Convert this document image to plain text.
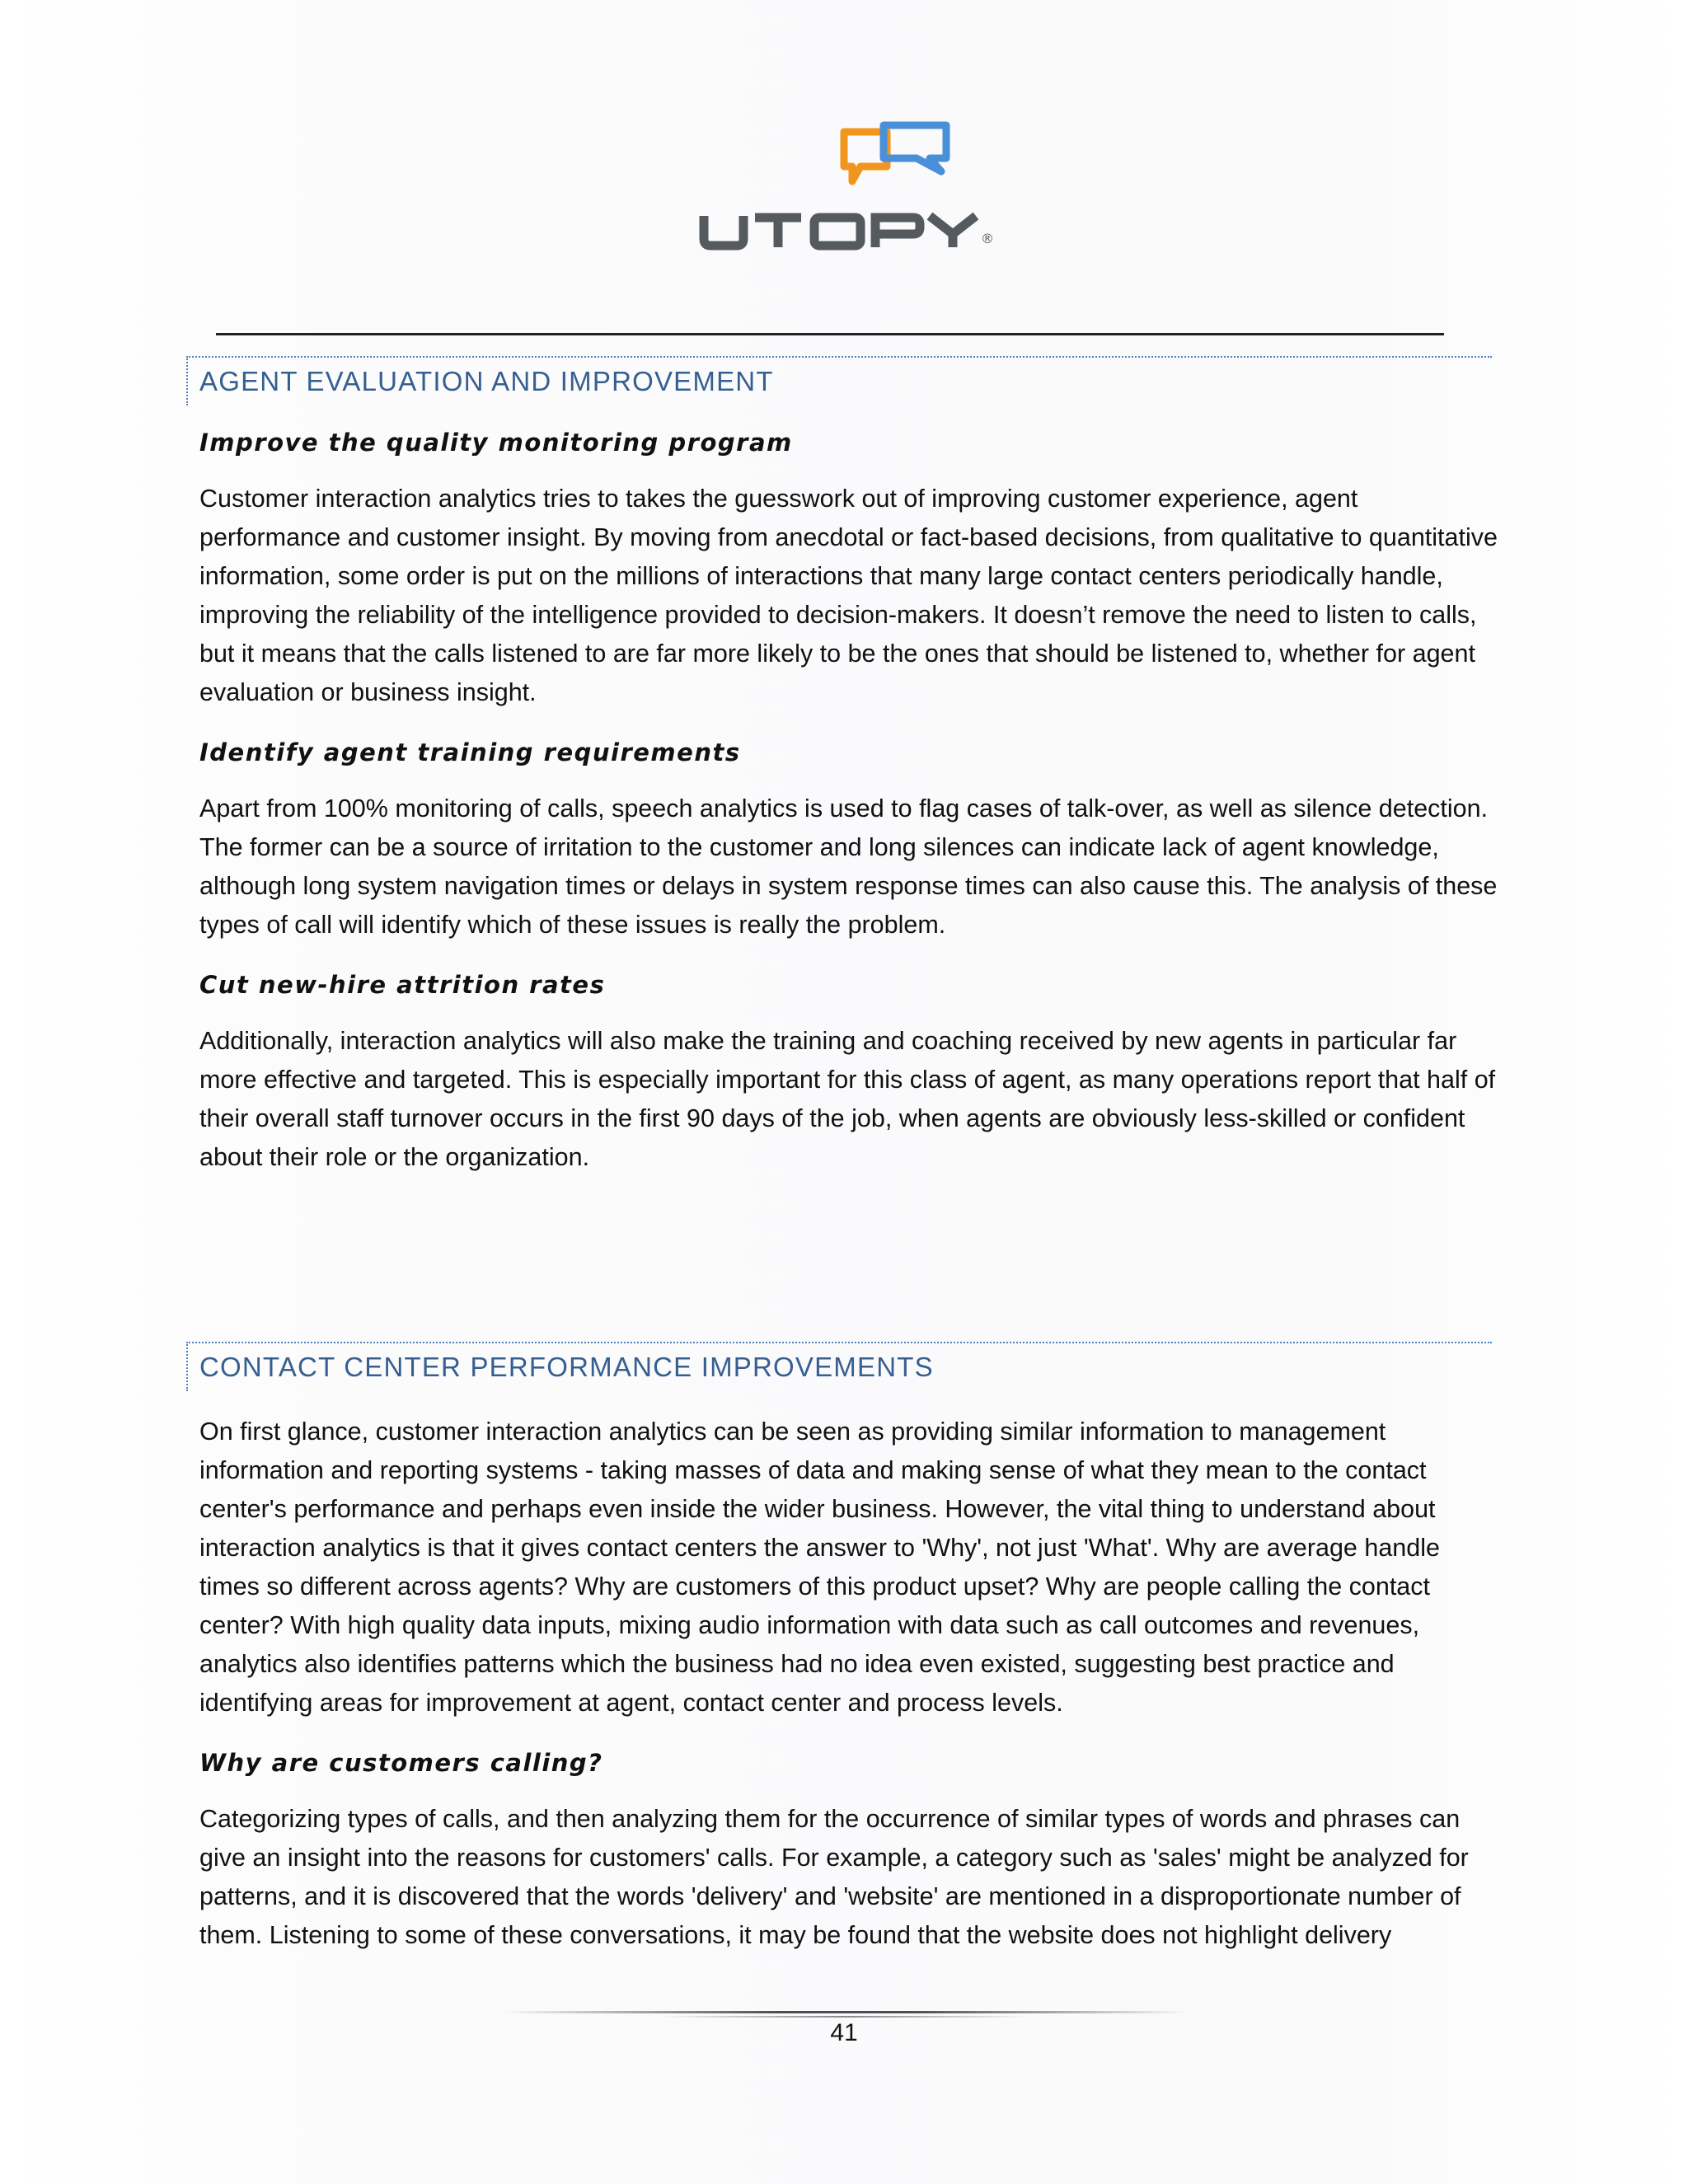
®
AGENT EVALUATION AND IMPROVEMENT

Improve the quality monitoring program

Customer interaction analytics tries to takes the guesswork out of improving customer experience, agent performance and customer insight. By moving from anecdotal or fact-based decisions, from qualitative to quantitative information, some order is put on the millions of interactions that many large contact centers periodically handle, improving the reliability of the intelligence provided to decision-makers. It doesn’t remove the need to listen to calls, but it means that the calls listened to are far more likely to be the ones that should be listened to, whether for agent evaluation or business insight.

Identify agent training requirements

Apart from 100% monitoring of calls, speech analytics is used to flag cases of talk-over, as well as silence detection. The former can be a source of irritation to the customer and long silences can indicate lack of agent knowledge, although long system navigation times or delays in system response times can also cause this. The analysis of these types of call will identify which of these issues is really the problem.

Cut new-hire attrition rates

Additionally, interaction analytics will also make the training and coaching received by new agents in particular far more effective and targeted. This is especially important for this class of agent, as many operations report that half of their overall staff turnover occurs in the first 90 days of the job, when agents are obviously less-skilled or confident about their role or the organization.

CONTACT CENTER PERFORMANCE IMPROVEMENTS

On first glance, customer interaction analytics can be seen as providing similar information to management information and reporting systems - taking masses of data and making sense of what they mean to the contact center's performance and perhaps even inside the wider business. However, the vital thing to understand about interaction analytics is that it gives contact centers the answer to 'Why', not just 'What'. Why are average handle times so different across agents? Why are customers of this product upset? Why are people calling the contact center? With high quality data inputs, mixing audio information with data such as call outcomes and revenues, analytics also identifies patterns which the business had no idea even existed, suggesting best practice and identifying areas for improvement at agent, contact center and process levels.

Why are customers calling?

Categorizing types of calls, and then analyzing them for the occurrence of similar types of words and phrases can give an insight into the reasons for customers' calls. For example, a category such as 'sales' might be analyzed for patterns, and it is discovered that the words 'delivery' and 'website' are mentioned in a disproportionate number of them. Listening to some of these conversations, it may be found that the website does not highlight delivery

41
